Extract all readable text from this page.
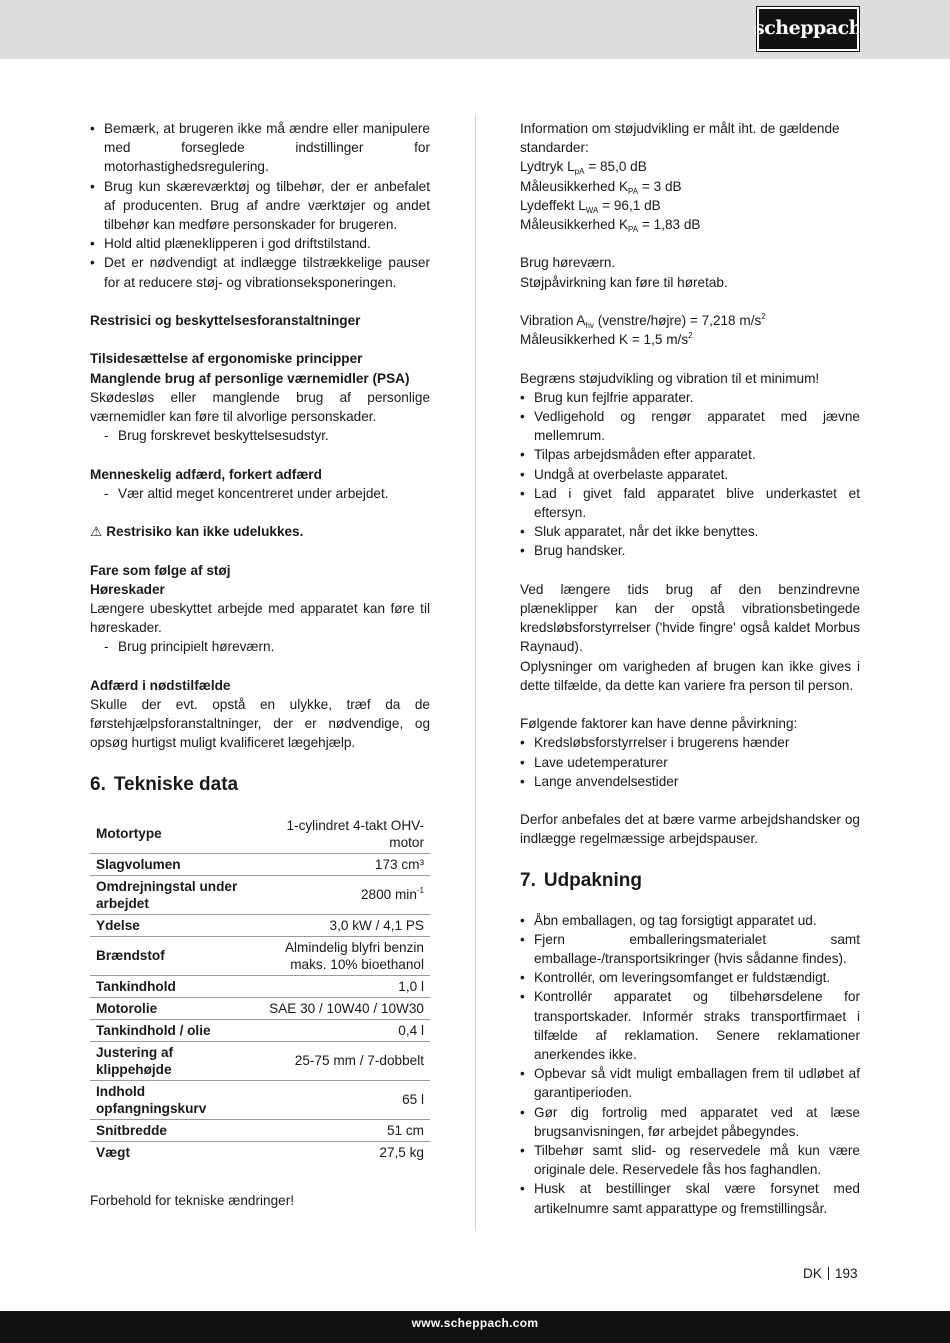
scheppach
• Bemærk, at brugeren ikke må ændre eller manipulere med forseglede indstillinger for motorhastighedsregulering.
• Brug kun skæreværktøj og tilbehør, der er anbefalet af producenten. Brug af andre værktøjer og andet tilbehør kan medføre personskader for brugeren.
• Hold altid plæneklipperen i god driftstilstand.
• Det er nødvendigt at indlægge tilstrækkelige pauser for at reducere støj- og vibrationseksponeringen.

Restrisici og beskyttelsesforanstaltninger

Tilsidesættelse af ergonomiske principper

Manglende brug af personlige værnemidler (PSA)

Skødesløs eller manglende brug af personlige værnemidler kan føre til alvorlige personskader.

- Brug forskrevet beskyttelsesudstyr.

Menneskelig adfærd, forkert adfærd

- Vær altid meget koncentreret under arbejdet.

⚠ Restrisiko kan ikke udelukkes.

Fare som følge af støj

Høreskader

Længere ubeskyttet arbejde med apparatet kan føre til høreskader.

- Brug principielt høreværn.

Adfærd i nødstilfælde

Skulle der evt. opstå en ulykke, træf da de førstehjælpsforanstaltninger, der er nødvendige, og opsøg hurtigst muligt kvalificeret lægehjælp.

6. Tekniske data
Motortype	1-cylindret 4-takt OHV-motor
Slagvolumen	173 cm³
Omdrejningstal under arbejdet	2800 $\min^{-1}$
Ydelse	3,0 kW / 4,1 PS
Brændstof	Almindelig blyfri benzin maks. 10% bioethanol
Tankindhold	1,0 l
Motorolie	SAE 30 / 10W40 / 10W30
Tankindhold / olie	0,4 l
Justering af klippehøjde	25-75 mm / 7-dobbelt
Indhold opfangningskurv	65 l
Snitbredde	51 cm
Vægt	27,5 kg

Forbehold for tekniske ændringer!

Information om støjudvikling er målt iht. de gældende standarder:

Lydtryk $L_{pA} = 85,0$ dB

Måleusikkerhed $K_{PA} = 3$ dB

Lydeffekt $L_{WA} = 96,1$ dB

Måleusikkerhed $K_{PA} = 1,83$ dB

Brug høreværn.

Støjpåvirkning kan føre til høretab.

Vibration $A_{hv}$ (venstre/højre) = 7,218 $m/s^2$

Måleusikkerhed K = 1,5 $m/s^2$

Begræns støjudvikling og vibration til et minimum!

• Brug kun fejlfrie apparater.
• Vedligehold og rengør apparatet med jævne mellemrum.
• Tilpas arbejdsmåden efter apparatet.
• Undgå at overbelaste apparatet.
• Lad i givet fald apparatet blive underkastet et eftersyn.
• Sluk apparatet, når det ikke benyttes.
• Brug handsker.

Ved længere tids brug af den benzindrevne plæneklipper kan der opstå vibrationsbetingede kredsløbsforstyrrelser ('hvide fingre' også kaldet Morbus Raynaud).

Oplysninger om varigheden af brugen kan ikke gives i dette tilfælde, da dette kan variere fra person til person.

Følgende faktorer kan have denne påvirkning:

• Kredsløbsforstyrrelser i brugerens hænder
• Lave udetemperaturer
• Lange anvendelsestider

Derfor anbefales det at bære varme arbejdshandsker og indlægge regelmæssige arbejdspauser.

7. Udpakning
• Åbn emballagen, og tag forsigtigt apparatet ud.
• Fjern emballeringsmaterialet samt emballage-/transportsikringer (hvis sådanne findes).
• Kontrollér, om leveringsomfanget er fuldstændigt.
• Kontrollér apparatet og tilbehørsdelene for transportskader. Informér straks transportfirmaet i tilfælde af reklamation. Senere reklamationer anerkendes ikke.
• Opbevar så vidt muligt emballagen frem til udløbet af garantiperioden.
• Gør dig fortrolig med apparatet ved at læse brugsanvisningen, før arbejdet påbegyndes.
• Tilbehør samt slid- og reservedele må kun være originale dele. Reservedele fås hos faghandlen.
• Husk at bestillinger skal være forsynet med artikelnumre samt apparattype og fremstillingsår.
DK 193
www.scheppach.com
